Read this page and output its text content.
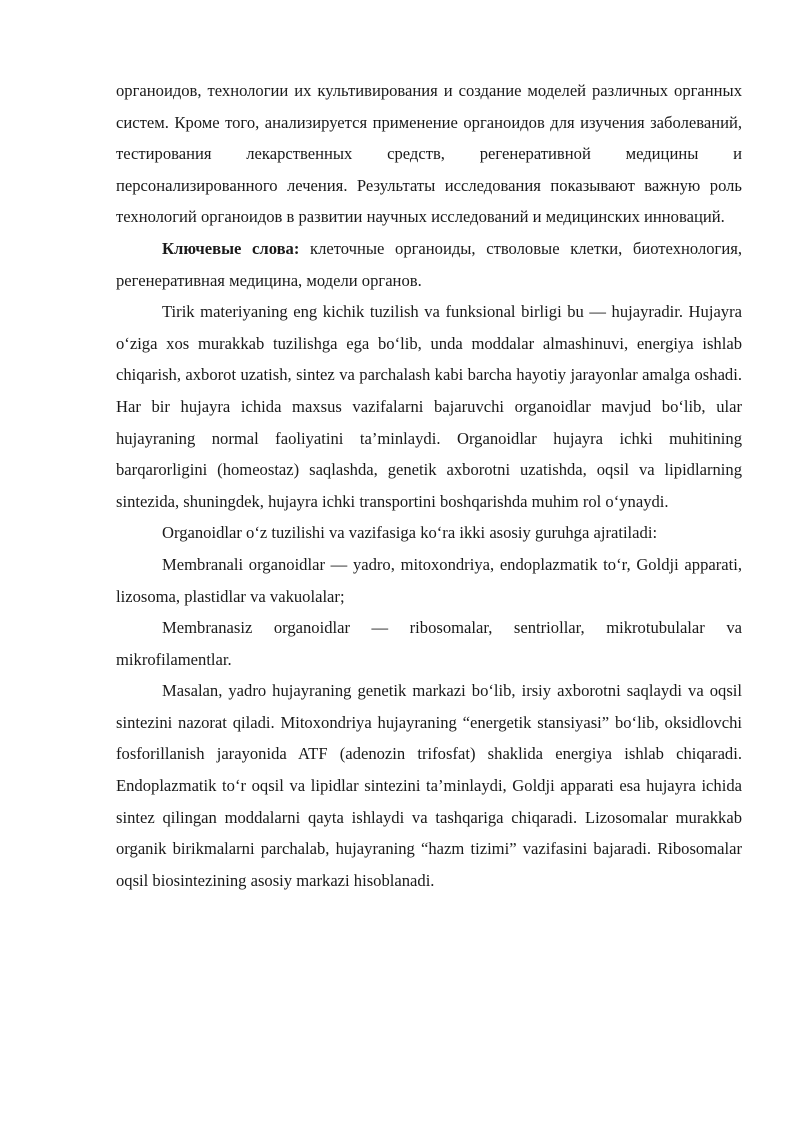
органоидов, технологии их культивирования и создание моделей различных органных систем. Кроме того, анализируется применение органоидов для изучения заболеваний, тестирования лекарственных средств, регенеративной медицины и персонализированного лечения. Результаты исследования показывают важную роль технологий органоидов в развитии научных исследований и медицинских инноваций.

Ключевые слова: клеточные органоиды, стволовые клетки, биотехнология, регенеративная медицина, модели органов.

Tirik materiyaning eng kichik tuzilish va funksional birligi bu — hujayradir. Hujayra o‘ziga xos murakkab tuzilishga ega bo‘lib, unda moddalar almashinuvi, energiya ishlab chiqarish, axborot uzatish, sintez va parchalash kabi barcha hayotiy jarayonlar amalga oshadi. Har bir hujayra ichida maxsus vazifalarni bajaruvchi organoidlar mavjud bo‘lib, ular hujayraning normal faoliyatini ta’minlaydi. Organoidlar hujayra ichki muhitining barqarorligini (homeostaz) saqlashda, genetik axborotni uzatishda, oqsil va lipidlarning sintezida, shuningdek, hujayra ichki transportini boshqarishda muhim rol o‘ynaydi.

Organoidlar o‘z tuzilishi va vazifasiga ko‘ra ikki asosiy guruhga ajratiladi:

Membranali organoidlar — yadro, mitoxondriya, endoplazmatik to‘r, Goldji apparati, lizosoma, plastidlar va vakuolalar;

Membranasiz organoidlar — ribosomalar, sentriollar, mikrotubulalar va mikrofilamentlar.

Masalan, yadro hujayraning genetik markazi bo‘lib, irsiy axborotni saqlaydi va oqsil sintezini nazorat qiladi. Mitoxondriya hujayraning “energetik stansiyasi” bo‘lib, oksidlovchi fosforillanish jarayonida ATF (adenozin trifosfat) shaklida energiya ishlab chiqaradi. Endoplazmatik to‘r oqsil va lipidlar sintezini ta’minlaydi, Goldji apparati esa hujayra ichida sintez qilingan moddalarni qayta ishlaydi va tashqariga chiqaradi. Lizosomalar murakkab organik birikmalarni parchalab, hujayraning “hazm tizimi” vazifasini bajaradi. Ribosomalar oqsil biosintezining asosiy markazi hisoblanadi.
